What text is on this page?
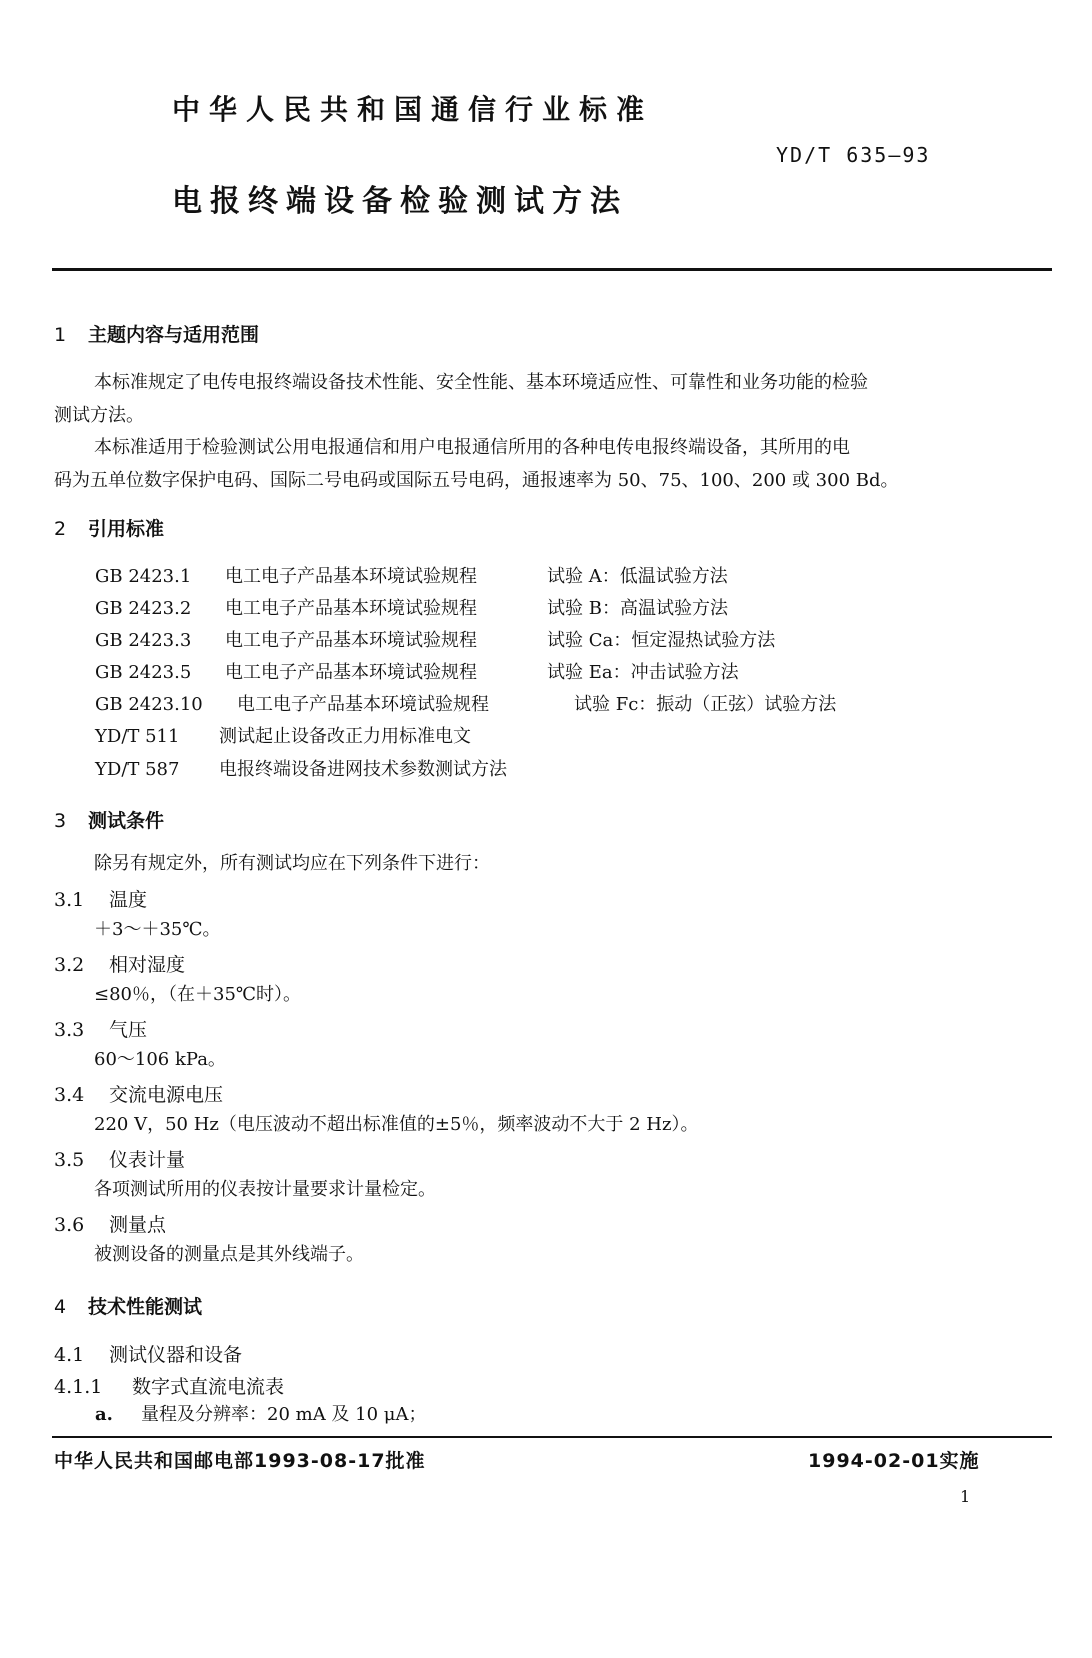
中华人民共和国通信行业标准
YD/T 635—93
电报终端设备检验测试方法
1 主题内容与适用范围
本标准规定了电传电报终端设备技术性能、安全性能、基本环境适应性、可靠性和业务功能的检验
测试方法。
本标准适用于检验测试公用电报通信和用户电报通信所用的各种电传电报终端设备，其所用的电
码为五单位数字保护电码、国际二号电码或国际五号电码，通报速率为 50、75、100、200 或 300 Bd。
2 引用标准
GB 2423.1 电工电子产品基本环境试验规程	试验 A：低温试验方法
GB 2423.2 电工电子产品基本环境试验规程	试验 B：高温试验方法
GB 2423.3 电工电子产品基本环境试验规程	试验 Ca：恒定湿热试验方法
GB 2423.5 电工电子产品基本环境试验规程	试验 Ea：冲击试验方法
GB 2423.10 电工电子产品基本环境试验规程	试验 Fc：振动（正弦）试验方法
YD/T 511 测试起止设备改正力用标准电文
YD/T 587 电报终端设备进网技术参数测试方法
3 测试条件
除另有规定外，所有测试均应在下列条件下进行：
3.1 温度
＋3～＋35℃。
3.2 相对湿度
≤80％，（在＋35℃时）。
3.3 气压
60～106 kPa。
3.4 交流电源电压
220 V，50 Hz（电压波动不超出标准值的±5％，频率波动不大于 2 Hz）。
3.5 仪表计量
各项测试所用的仪表按计量要求计量检定。
3.6 测量点
被测设备的测量点是其外线端子。
4 技术性能测试
4.1 测试仪器和设备
4.1.1 数字式直流电流表
a. 量程及分辨率：20 mA 及 10 μA；
中华人民共和国邮电部1993-08-17批准	1994-02-01实施
1
